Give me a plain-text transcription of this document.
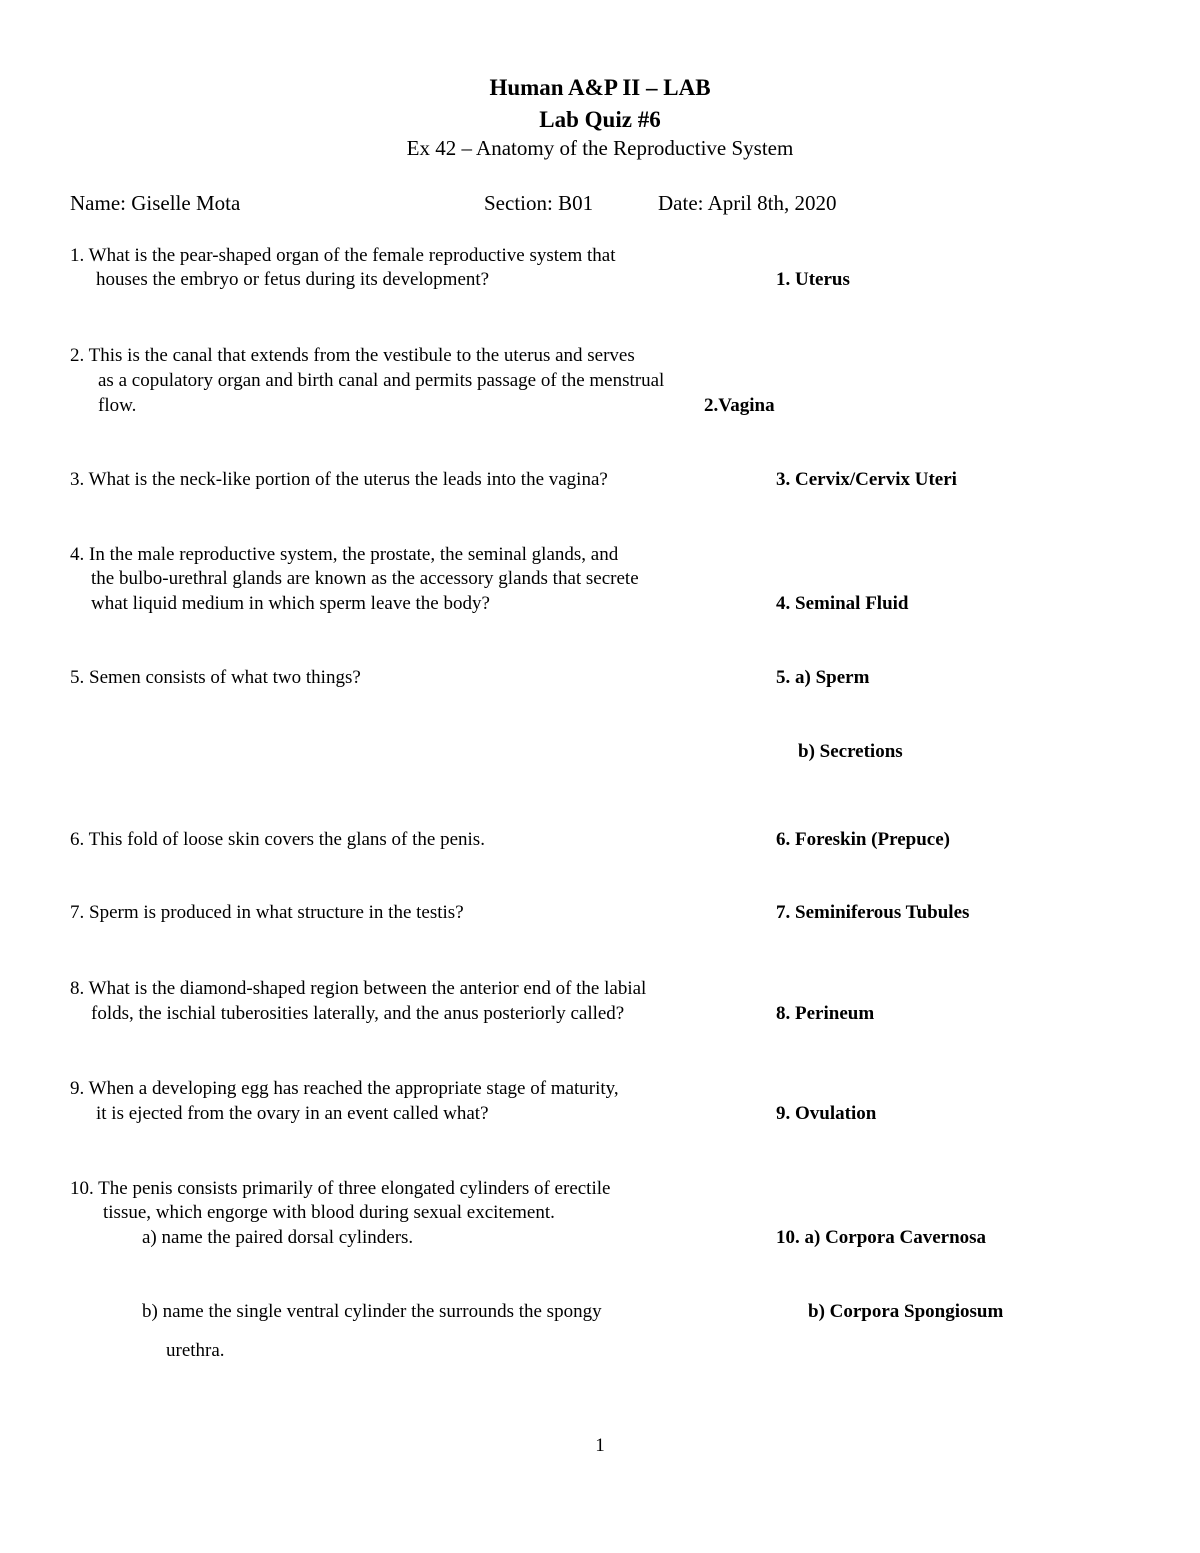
Human A&P II – LAB
Lab Quiz #6
Ex 42 – Anatomy of the Reproductive System
Name: Giselle Mota	Section: B01	Date: April 8th, 2020
1. What is the pear-shaped organ of the female reproductive system that
houses the embryo or fetus during its development?	1. Uterus
2. This is the canal that extends from the vestibule to the uterus and serves
as a copulatory organ and birth canal and permits passage of the menstrual
flow.	2.Vagina
3. What is the neck-like portion of the uterus the leads into the vagina?	3. Cervix/Cervix Uteri
4. In the male reproductive system, the prostate, the seminal glands, and
the bulbo-urethral glands are known as the accessory glands that secrete
what liquid medium in which sperm leave the body?	4. Seminal Fluid
5. Semen consists of what two things?	5. a) Sperm
b) Secretions
6. This fold of loose skin covers the glans of the penis.	6. Foreskin (Prepuce)
7. Sperm is produced in what structure in the testis?	7. Seminiferous Tubules
8. What is the diamond-shaped region between the anterior end of the labial
folds, the ischial tuberosities laterally, and the anus posteriorly called?	8. Perineum
9. When a developing egg has reached the appropriate stage of maturity,
it is ejected from the ovary in an event called what?	9. Ovulation
10. The penis consists primarily of three elongated cylinders of erectile
tissue, which engorge with blood during sexual excitement.
a) name the paired dorsal cylinders.	10. a) Corpora Cavernosa
b) name the single ventral cylinder the surrounds the spongy	b) Corpora Spongiosum
urethra.
1
